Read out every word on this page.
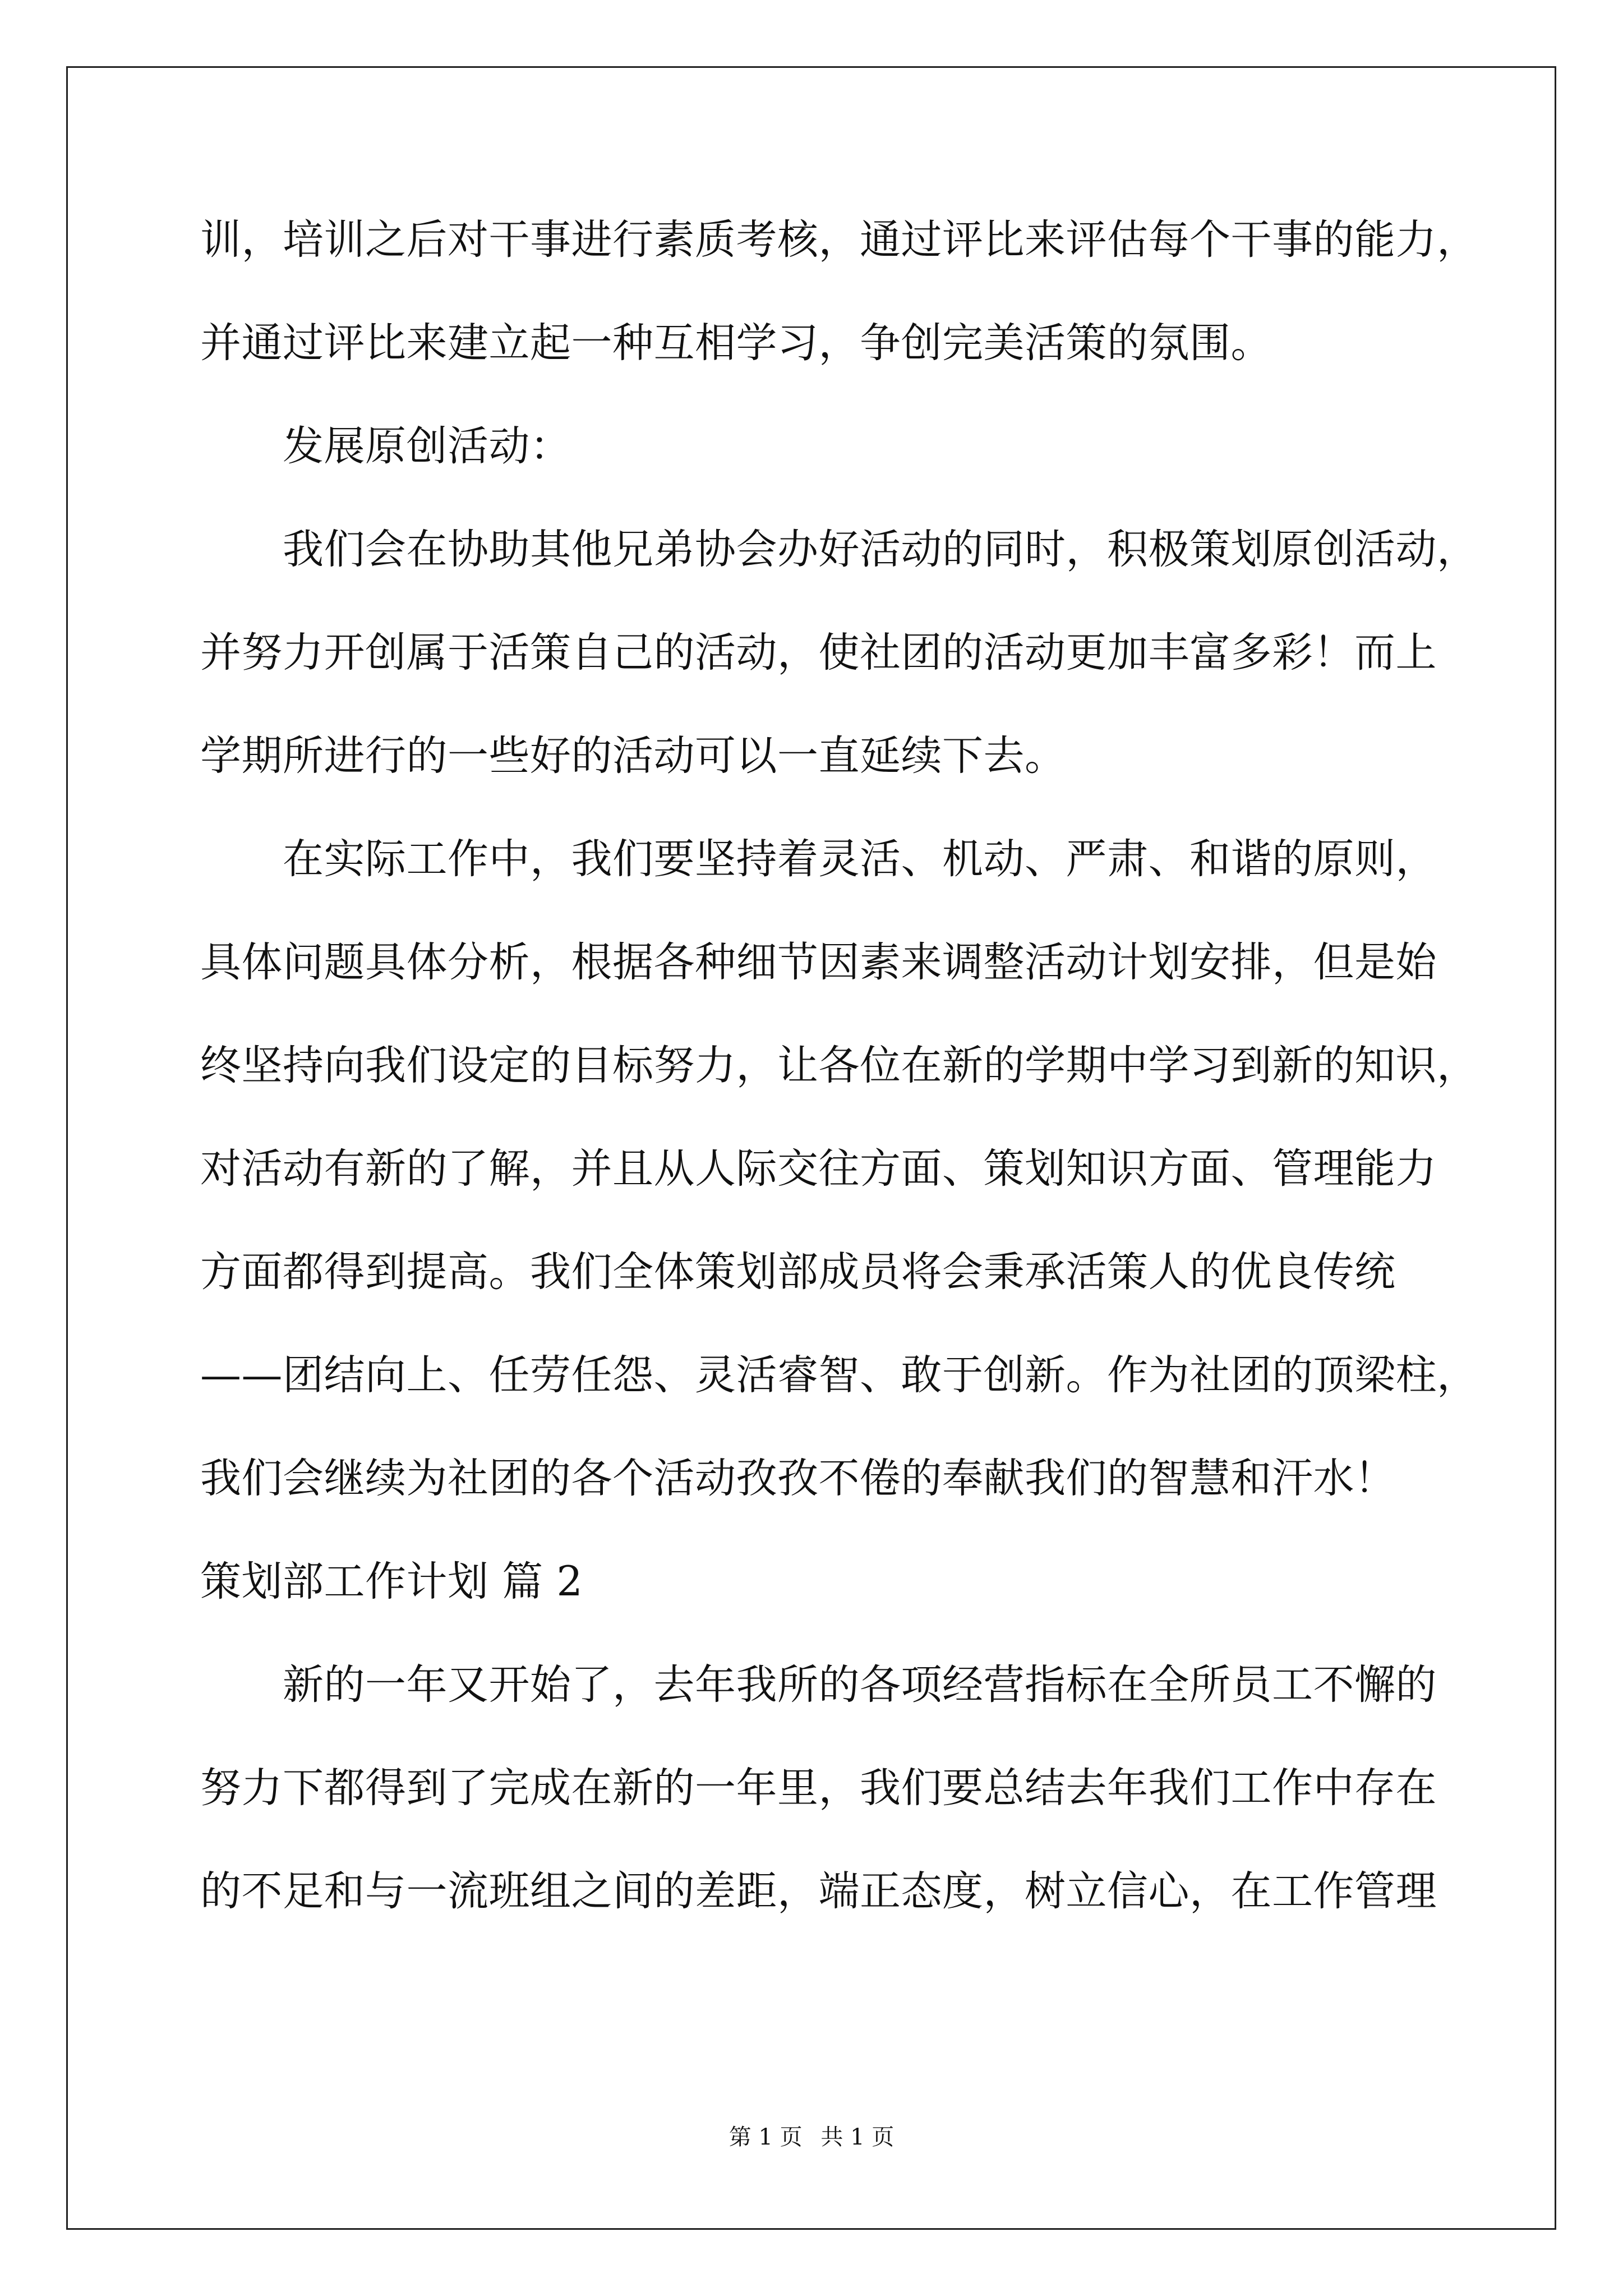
训，培训之后对干事进行素质考核，通过评比来评估每个干事的能力，
并通过评比来建立起一种互相学习，争创完美活策的氛围。
发展原创活动：
我们会在协助其他兄弟协会办好活动的同时，积极策划原创活动，
并努力开创属于活策自己的活动，使社团的活动更加丰富多彩！而上
学期所进行的一些好的活动可以一直延续下去。
在实际工作中，我们要坚持着灵活、机动、严肃、和谐的原则，
具体问题具体分析，根据各种细节因素来调整活动计划安排，但是始
终坚持向我们设定的目标努力，让各位在新的学期中学习到新的知识，
对活动有新的了解，并且从人际交往方面、策划知识方面、管理能力
方面都得到提高。我们全体策划部成员将会秉承活策人的优良传统
——团结向上、任劳任怨、灵活睿智、敢于创新。作为社团的顶梁柱，
我们会继续为社团的各个活动孜孜不倦的奉献我们的智慧和汗水！
策划部工作计划 篇 2
新的一年又开始了，去年我所的各项经营指标在全所员工不懈的
努力下都得到了完成在新的一年里，我们要总结去年我们工作中存在
的不足和与一流班组之间的差距，端正态度，树立信心，在工作管理
第 1 页 共 1 页
